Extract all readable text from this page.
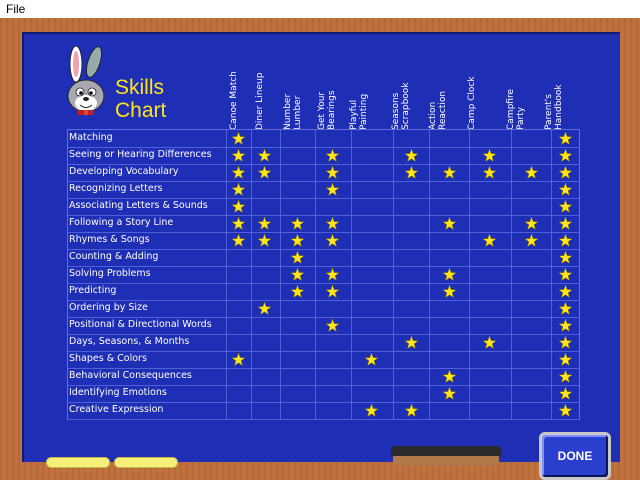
File
Skills
Chart	Canoe Match Diner Lineup Number
Lumber Get Your
Bearings Playful
Painting Seasons
Scrapbook Action
Reaction Camp Clock	Campfire
Party Parent's
Handbook
Matching
Seeing or Hearing Differences
Developing Vocabulary
Recognizing Letters
Associating Letters & Sounds
Following a Story Line
Rhymes & Songs
Counting & Adding
Solving Problems
Predicting
Ordering by Size
Positional & Directional Words
Days, Seasons, & Months
Shapes & Colors
Behavioral Consequences
Identifying Emotions
Creative Expression
DONE
